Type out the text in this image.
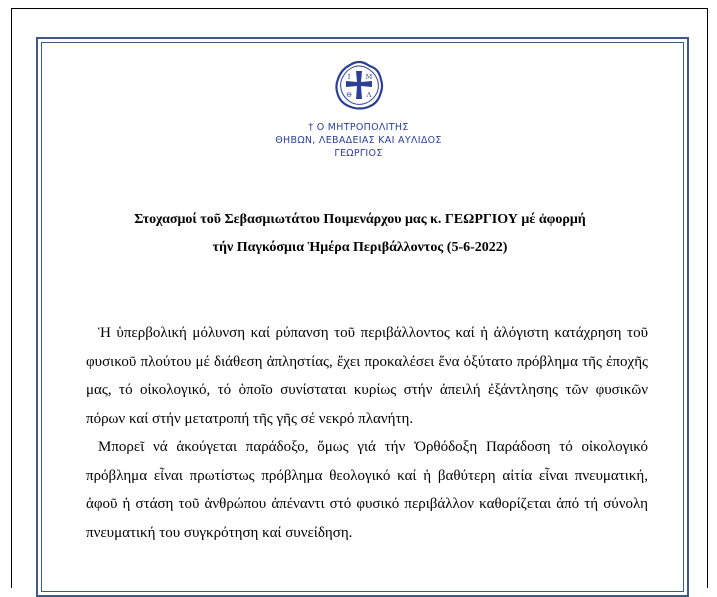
Ι Μ
Θ Λ
† Ο ΜΗΤΡΟΠΟΛΙΤΗΣ
ΘΗΒΩΝ, ΛΕΒΑΔΕΙΑΣ ΚΑΙ ΑΥΛΙΔΟΣ
ΓΕΩΡΓΙΟΣ
Στοχασμοί τοῦ Σεβασμιωτάτου Ποιμενάρχου μας κ. ΓΕΩΡΓΙΟΥ μέ ἀφορμή
τήν Παγκόσμια Ἡμέρα Περιβάλλοντος (5-6-2022)

Ἡ ὑπερβολική μόλυνση καί ρύπανση τοῦ περιβάλλοντος καί ἡ ἀλόγιστη κατάχρηση τοῦ φυσικοῦ πλούτου μέ διάθεση ἀπληστίας, ἔχει προκαλέσει ἕνα ὀξύτατο πρόβλημα τῆς ἐποχῆς μας, τό οἰκολογικό, τό ὁποῖο συνίσταται κυρίως στήν ἀπειλή ἐξάντλησης τῶν φυσικῶν πόρων καί στήν μετατροπή τῆς γῆς σέ νεκρό πλανήτη.

Μπορεῖ νά ἀκούγεται παράδοξο, ὅμως γιά τήν Ὀρθόδοξη Παράδοση τό οἰκολογικό πρόβλημα εἶναι πρωτίστως πρόβλημα θεολογικό καί ἡ βαθύτερη αἰτία εἶναι πνευματική, ἀφοῦ ἡ στάση τοῦ ἀνθρώπου ἀπέναντι στό φυσικό περιβάλλον καθορίζεται ἀπό τή σύνολη πνευματική του συγκρότηση καί συνείδηση.
